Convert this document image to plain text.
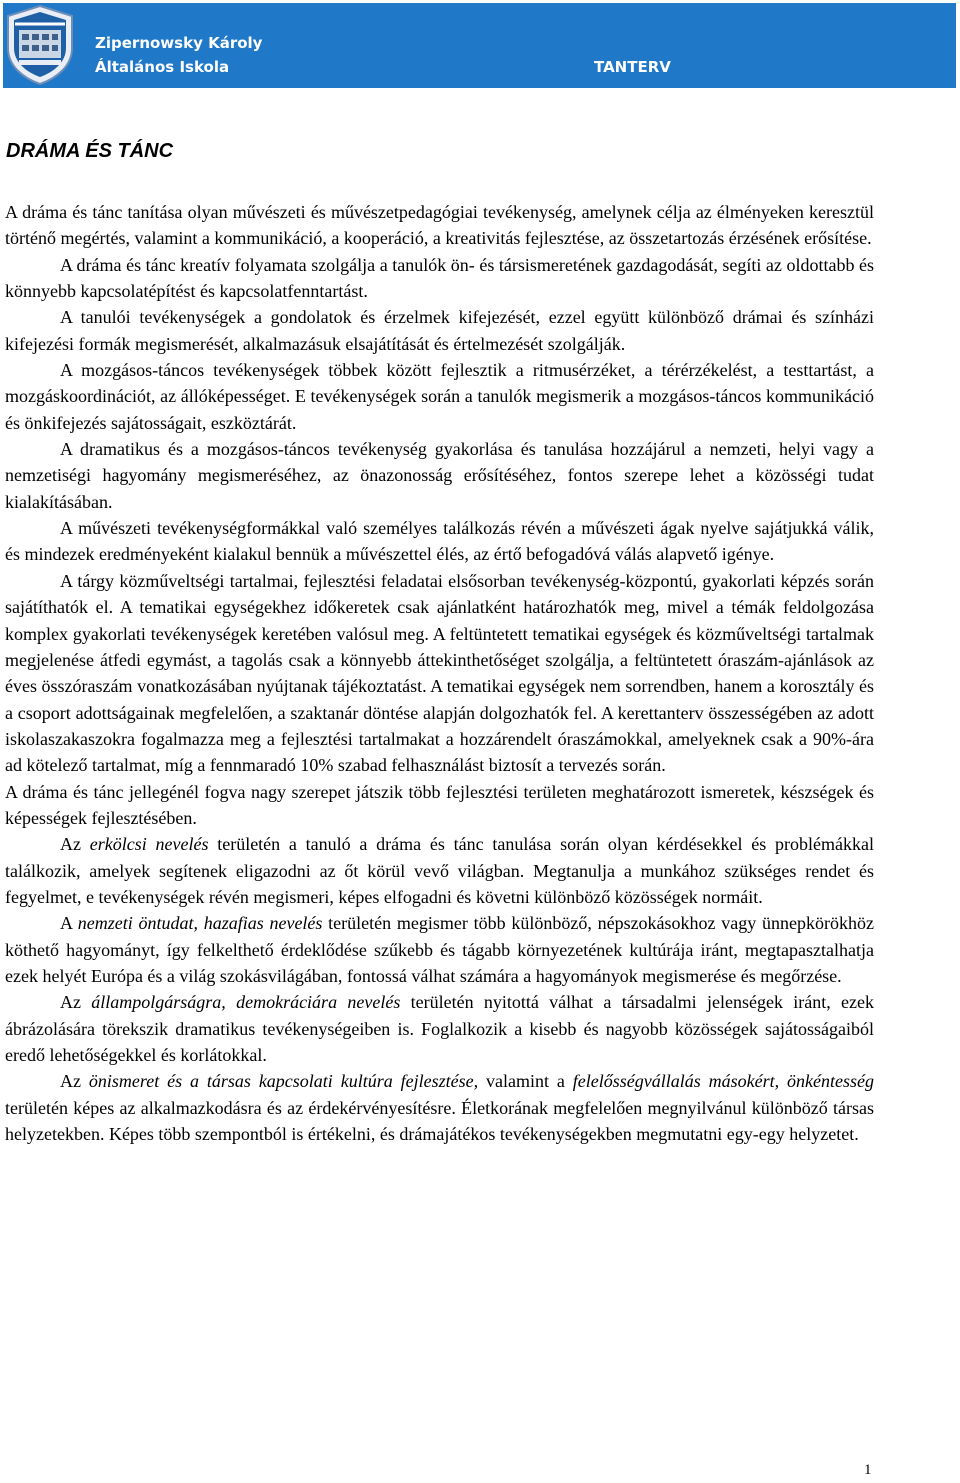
Zipernowsky Károly
Általános Iskola	TANTERV
DRÁMA ÉS TÁNC

A dráma és tánc tanítása olyan művészeti és művészetpedagógiai tevékenység, amelynek célja az élményeken keresztül történő megértés, valamint a kommunikáció, a kooperáció, a kreativitás fejlesztése, az összetartozás érzésének erősítése.

A dráma és tánc kreatív folyamata szolgálja a tanulók ön- és társismeretének gazdagodását, segíti az oldottabb és könnyebb kapcsolatépítést és kapcsolatfenntartást.

A tanulói tevékenységek a gondolatok és érzelmek kifejezését, ezzel együtt különböző drámai és színházi kifejezési formák megismerését, alkalmazásuk elsajátítását és értelmezését szolgálják.

A mozgásos-táncos tevékenységek többek között fejlesztik a ritmusérzéket, a térérzékelést, a testtartást, a mozgáskoordinációt, az állóképességet. E tevékenységek során a tanulók megismerik a mozgásos-táncos kommunikáció és önkifejezés sajátosságait, eszköztárát.

A dramatikus és a mozgásos-táncos tevékenység gyakorlása és tanulása hozzájárul a nemzeti, helyi vagy a nemzetiségi hagyomány megismeréséhez, az önazonosság erősítéséhez, fontos szerepe lehet a közösségi tudat kialakításában.

A művészeti tevékenységformákkal való személyes találkozás révén a művészeti ágak nyelve sajátjukká válik, és mindezek eredményeként kialakul bennük a művészettel élés, az értő befogadóvá válás alapvető igénye.

A tárgy közműveltségi tartalmai, fejlesztési feladatai elsősorban tevékenység-központú, gyakorlati képzés során sajátíthatók el. A tematikai egységekhez időkeretek csak ajánlatként határozhatók meg, mivel a témák feldolgozása komplex gyakorlati tevékenységek keretében valósul meg. A feltüntetett tematikai egységek és közműveltségi tartalmak megjelenése átfedi egymást, a tagolás csak a könnyebb áttekinthetőséget szolgálja, a feltüntetett óraszám-ajánlások az éves összóraszám vonatkozásában nyújtanak tájékoztatást. A tematikai egységek nem sorrendben, hanem a korosztály és a csoport adottságainak megfelelően, a szaktanár döntése alapján dolgozhatók fel. A kerettanterv összességében az adott iskolaszakaszokra fogalmazza meg a fejlesztési tartalmakat a hozzárendelt óraszámokkal, amelyeknek csak a 90%-ára ad kötelező tartalmat, míg a fennmaradó 10% szabad felhasználást biztosít a tervezés során.

A dráma és tánc jellegénél fogva nagy szerepet játszik több fejlesztési területen meghatározott ismeretek, készségek és képességek fejlesztésében.

Az erkölcsi nevelés területén a tanuló a dráma és tánc tanulása során olyan kérdésekkel és problémákkal találkozik, amelyek segítenek eligazodni az őt körül vevő világban. Megtanulja a munkához szükséges rendet és fegyelmet, e tevékenységek révén megismeri, képes elfogadni és követni különböző közösségek normáit.

A nemzeti öntudat, hazafias nevelés területén megismer több különböző, népszokásokhoz vagy ünnepkörökhöz köthető hagyományt, így felkelthető érdeklődése szűkebb és tágabb környezetének kultúrája iránt, megtapasztalhatja ezek helyét Európa és a világ szokásvilágában, fontossá válhat számára a hagyományok megismerése és megőrzése.

Az állampolgárságra, demokráciára nevelés területén nyitottá válhat a társadalmi jelenségek iránt, ezek ábrázolására törekszik dramatikus tevékenységeiben is. Foglalkozik a kisebb és nagyobb közösségek sajátosságaiból eredő lehetőségekkel és korlátokkal.

Az önismeret és a társas kapcsolati kultúra fejlesztése, valamint a felelősségvállalás másokért, önkéntesség területén képes az alkalmazkodásra és az érdekérvényesítésre. Életkorának megfelelően megnyilvánul különböző társas helyzetekben. Képes több szempontból is értékelni, és drámajátékos tevékenységekben megmutatni egy-egy helyzetet.

1
